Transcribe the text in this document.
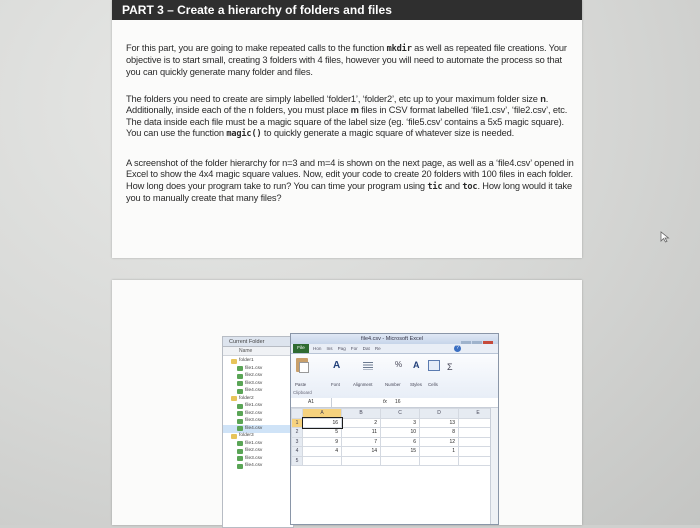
PART 3 – Create a hierarchy of folders and files
For this part, you are going to make repeated calls to the function mkdir as well as repeated file creations. Your objective is to start small, creating 3 folders with 4 files, however you will need to automate the process so that you can quickly generate many folder and files.
The folders you need to create are simply labelled ‘folder1’, ‘folder2’, etc up to your maximum folder size n. Additionally, inside each of the n folders, you must place m files in CSV format labelled ‘file1.csv’, ‘file2.csv’, etc. The data inside each file must be a magic square of the label size (eg. ‘file5.csv’ contains a 5x5 magic square). You can use the function magic() to quickly generate a magic square of whatever size is needed.
A screenshot of the folder hierarchy for n=3 and m=4 is shown on the next page, as well as a ‘file4.csv’ opened in Excel to show the 4x4 magic square values. Now, edit your code to create 20 folders with 100 files in each folder. How long does your program take to run? You can time your program using tic and toc. How long would it take you to manually create that many files?
Current Folder
Name
folder1
file1.csv
file2.csv
file3.csv
file4.csv
folder2
file1.csv
file2.csv
file3.csv
file4.csv
folder3
file1.csv
file2.csv
file3.csv
file4.csv
file4.csv - Microsoft Excel
File	Hon Ins Pag For Dat Re	?
A	% A	Σ
Paste	Font	Alignment	Number Styles Cells
Clipboard
A1	fx 16
	A	B	C	D	E
1	16	2	3	13	
2	5	11	10	8	
3	9	7	6	12	
4	4	14	15	1	
5					
